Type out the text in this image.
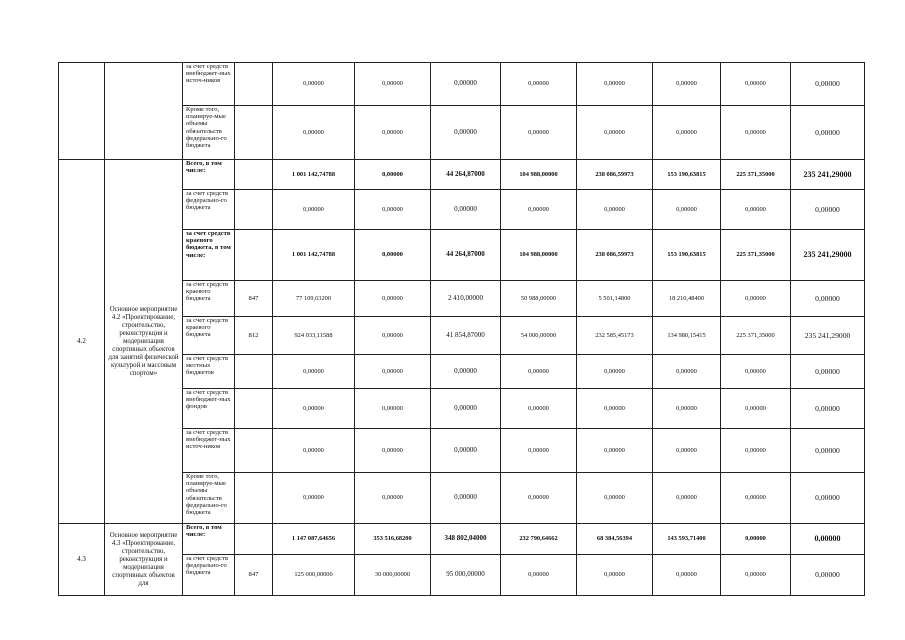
		за счет средств внебюджет-ных источ-ников		0,00000	0,00000	0,00000	0,00000	0,00000	0,00000	0,00000	0,00000
		Кроме того, планируе-мые объемы обязательств федерально-го бюджета		0,00000	0,00000	0,00000	0,00000	0,00000	0,00000	0,00000	0,00000
4.2	Основное мероприятие 4.2 «Проектирование, строительство, реконструкция и модернизация спортивных объектов для занятий физической культурой и массовым спортом»	Всего, в том числе:		1 001 142,74788	0,00000	44 264,87000	104 988,00000	238 086,59973	153 190,63815	225 371,35000	235 241,29000
		за счет средств федерально-го бюджета		0,00000	0,00000	0,00000	0,00000	0,00000	0,00000	0,00000	0,00000
		за счет средств краевого бюджета, в том числе:		1 001 142,74788	0,00000	44 264,87000	104 988,00000	238 086,59973	153 190,63815	225 371,35000	235 241,29000
		за счет средств краевого бюджета	847	77 109,63200	0,00000	2 410,00000	50 988,00000	5 501,14800	18 210,48400	0,00000	0,00000
		за счет средств краевого бюджета	812	924 033,11588	0,00000	41 854,87000	54 000,00000	232 585,45173	134 980,15415	225 371,35000	235 241,29000
		за счет средств местных бюджетов		0,00000	0,00000	0,00000	0,00000	0,00000	0,00000	0,00000	0,00000
		за счет средств внебюджет-ных фондов		0,00000	0,00000	0,00000	0,00000	0,00000	0,00000	0,00000	0,00000
		за счет средств внебюджет-ных источ-ников		0,00000	0,00000	0,00000	0,00000	0,00000	0,00000	0,00000	0,00000
		Кроме того, планируе-мые объемы обязательств федерально-го бюджета		0,00000	0,00000	0,00000	0,00000	0,00000	0,00000	0,00000	0,00000
4.3	Основное мероприятие 4.3 «Проектирование, строительство, реконструкция и модернизация спортивных объектов для	Всего, в том числе:		1 147 087,64656	353 516,68200	348 802,04000	232 790,64662	68 384,56394	143 593,71400	0,00000	0,00000
		за счет средств федерально-го бюджета	847	125 000,00000	30 000,00000	95 000,00000	0,00000	0,00000	0,00000	0,00000	0,00000
